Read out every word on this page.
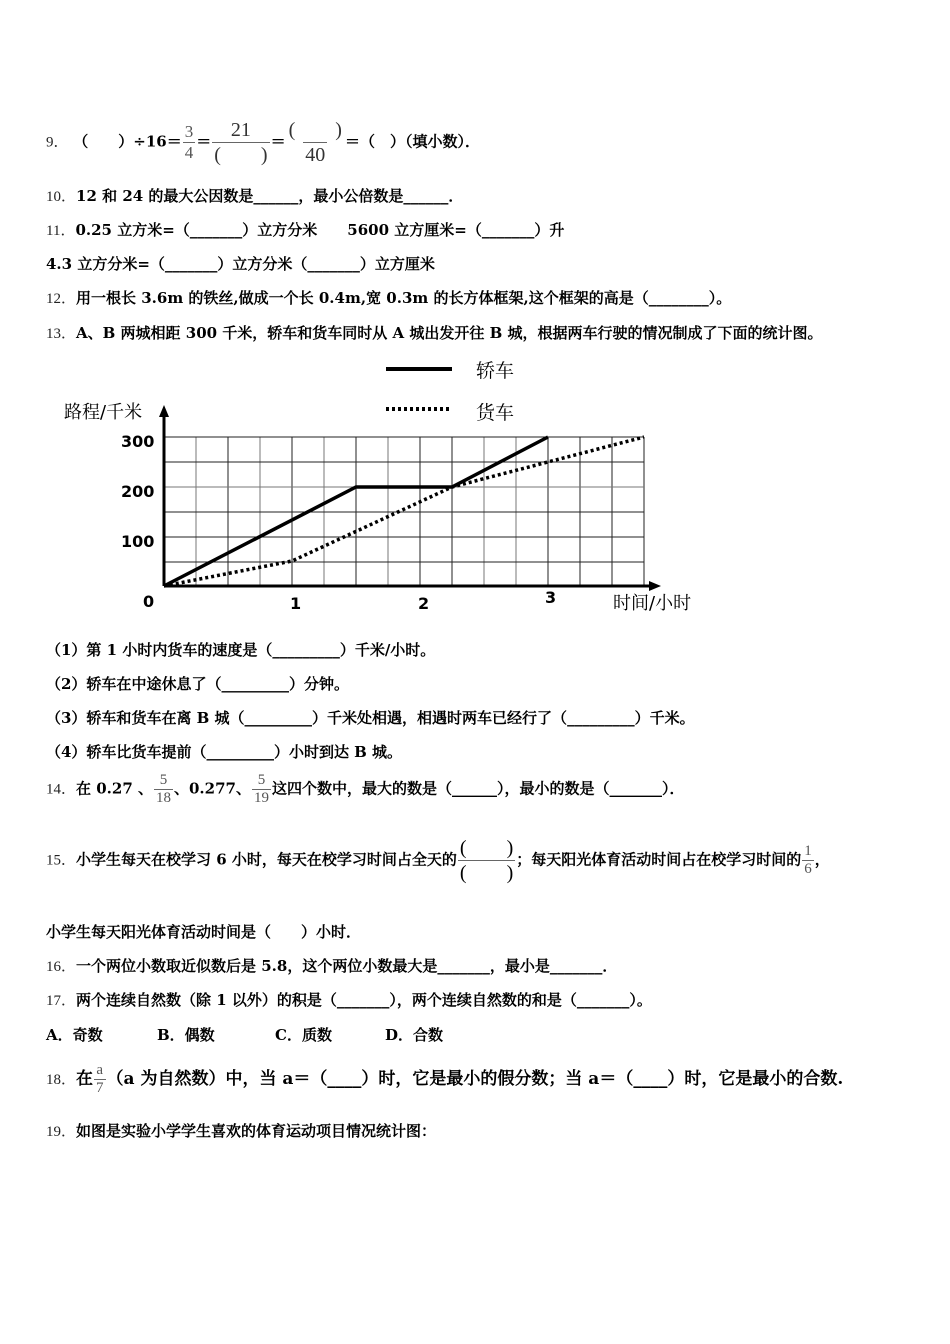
9． （　　）$\div 16= \frac{3}{4} = \frac{21}{( )} = \frac{( )}{40}$ ＝（　）（填小数）．
10．12 和 24 的最大公因数是______，最小公倍数是______．
11．0.25 立方米=（_______）立方分米 5600 立方厘米=（_______）升
4.3 立方分米=（_______）立方分米（_______）立方厘米
12．用一根长 3.6m 的铁丝,做成一个长 0.4m,宽 0.3m 的长方体框架,这个框架的高是（________）。
13．A、B 两城相距 300 千米，轿车和货车同时从 A 城出发开往 B 城，根据两车行驶的情况制成了下面的统计图。
轿车
货车
路程/千米
300
200
100
0	1	2	3	时间/小时
（1）第 1 小时内货车的速度是（_________）千米/小时。
（2）轿车在中途休息了（_________）分钟。
（3）轿车和货车在离 B 城（_________）千米处相遇，相遇时两车已经行了（_________）千米。
（4）轿车比货车提前（_________）小时到达 B 城。
14．在 0.27 、 $\frac{5}{18}$ 、0.277、 $\frac{5}{19}$ 这四个数中，最大的数是（______），最小的数是（_______）．
15．小学生每天在校学习 6 小时，每天在校学习时间占全天的 $\frac{( )}{( )}$ ；每天阳光体育活动时间占在校学习时间的 $\frac{1}{6}$ ，
小学生每天阳光体育活动时间是（　　）小时．
16．一个两位小数取近似数后是 5.8，这个两位小数最大是_______，最小是_______．
17．两个连续自然数（除 1 以外）的积是（_______），两个连续自然数的和是（_______）。
A．奇数	B．偶数	C．质数	D．合数
18．在 $\frac{a}{7} (a$ 为自然数）中，当 a＝（____）时，它是最小的假分数；当 a＝（____）时，它是最小的合数.
19．如图是实验小学学生喜欢的体育运动项目情况统计图：
